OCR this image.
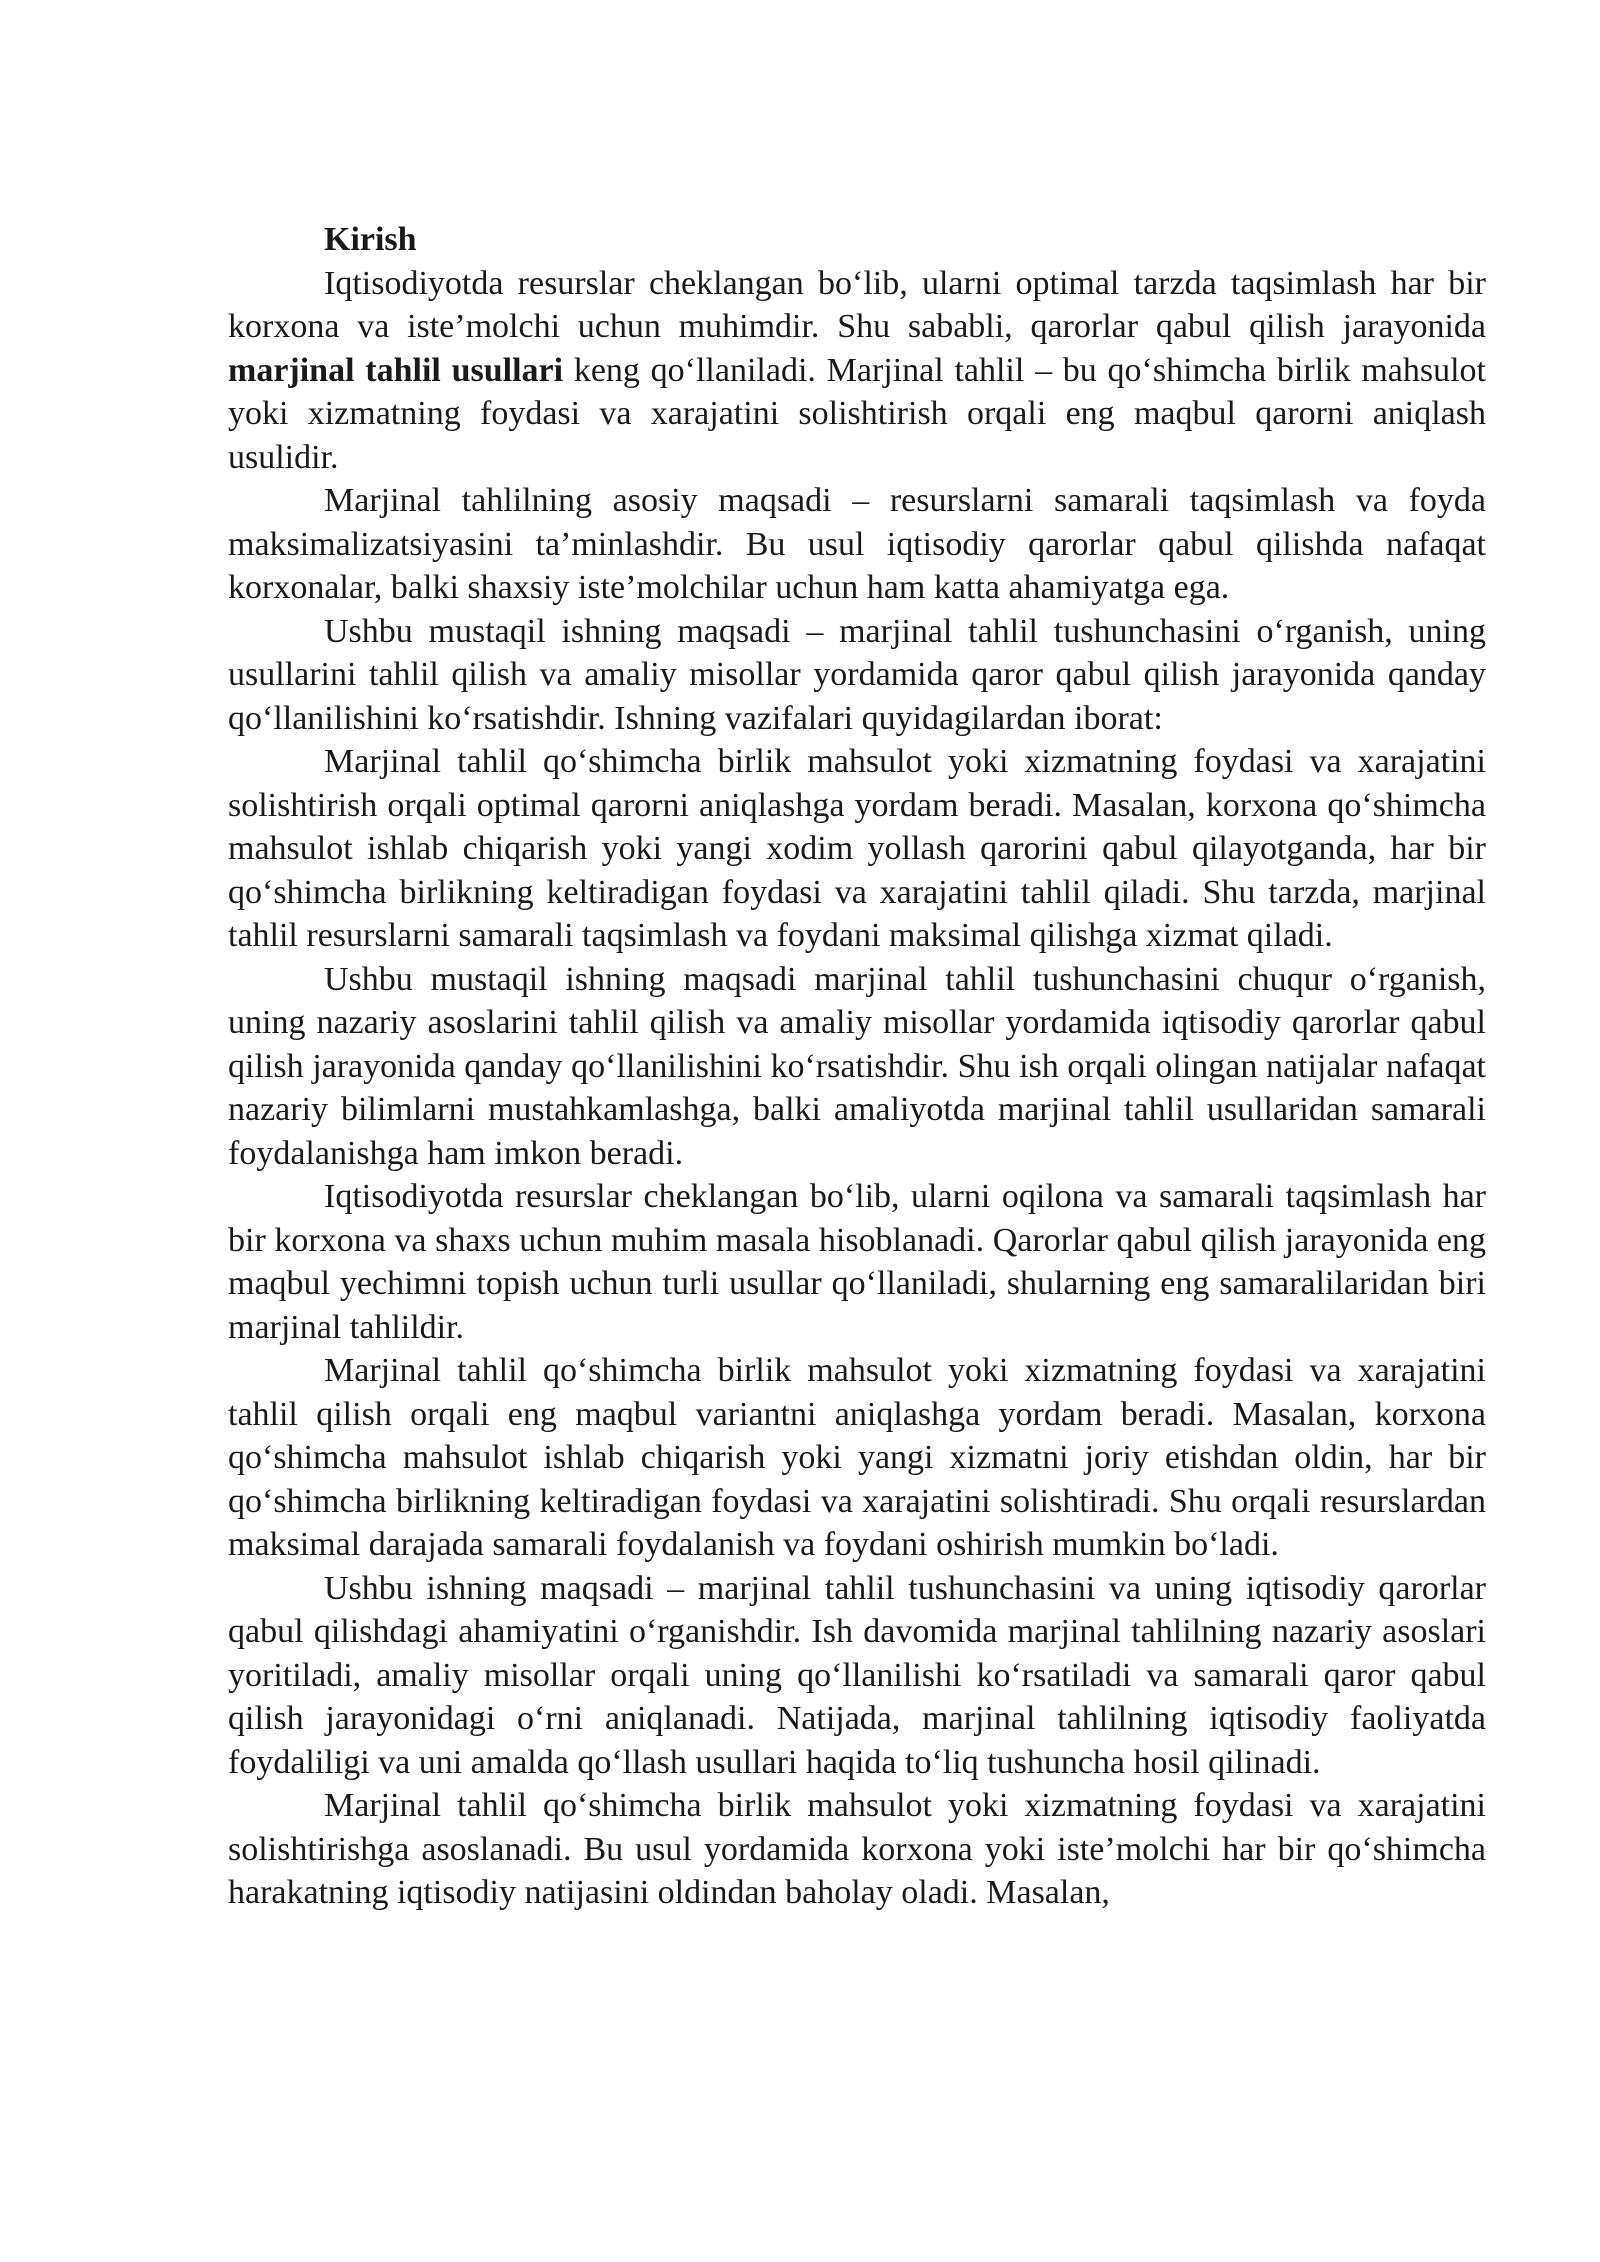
Kirish

Iqtisodiyotda resurslar cheklangan bo‘lib, ularni optimal tarzda taqsimlash har bir korxona va iste’molchi uchun muhimdir. Shu sababli, qarorlar qabul qilish jarayonida marjinal tahlil usullari keng qo‘llaniladi. Marjinal tahlil – bu qo‘shimcha birlik mahsulot yoki xizmatning foydasi va xarajatini solishtirish orqali eng maqbul qarorni aniqlash usulidir.

Marjinal tahlilning asosiy maqsadi – resurslarni samarali taqsimlash va foyda maksimalizatsiyasini ta’minlashdir. Bu usul iqtisodiy qarorlar qabul qilishda nafaqat korxonalar, balki shaxsiy iste’molchilar uchun ham katta ahamiyatga ega.

Ushbu mustaqil ishning maqsadi – marjinal tahlil tushunchasini o‘rganish, uning usullarini tahlil qilish va amaliy misollar yordamida qaror qabul qilish jarayonida qanday qo‘llanilishini ko‘rsatishdir. Ishning vazifalari quyidagilardan iborat:

Marjinal tahlil qo‘shimcha birlik mahsulot yoki xizmatning foydasi va xarajatini solishtirish orqali optimal qarorni aniqlashga yordam beradi. Masalan, korxona qo‘shimcha mahsulot ishlab chiqarish yoki yangi xodim yollash qarorini qabul qilayotganda, har bir qo‘shimcha birlikning keltiradigan foydasi va xarajatini tahlil qiladi. Shu tarzda, marjinal tahlil resurslarni samarali taqsimlash va foydani maksimal qilishga xizmat qiladi.

Ushbu mustaqil ishning maqsadi marjinal tahlil tushunchasini chuqur o‘rganish, uning nazariy asoslarini tahlil qilish va amaliy misollar yordamida iqtisodiy qarorlar qabul qilish jarayonida qanday qo‘llanilishini ko‘rsatishdir. Shu ish orqali olingan natijalar nafaqat nazariy bilimlarni mustahkamlashga, balki amaliyotda marjinal tahlil usullaridan samarali foydalanishga ham imkon beradi.

Iqtisodiyotda resurslar cheklangan bo‘lib, ularni oqilona va samarali taqsimlash har bir korxona va shaxs uchun muhim masala hisoblanadi. Qarorlar qabul qilish jarayonida eng maqbul yechimni topish uchun turli usullar qo‘llaniladi, shularning eng samaralilaridan biri marjinal tahlildir.

Marjinal tahlil qo‘shimcha birlik mahsulot yoki xizmatning foydasi va xarajatini tahlil qilish orqali eng maqbul variantni aniqlashga yordam beradi. Masalan, korxona qo‘shimcha mahsulot ishlab chiqarish yoki yangi xizmatni joriy etishdan oldin, har bir qo‘shimcha birlikning keltiradigan foydasi va xarajatini solishtiradi. Shu orqali resurslardan maksimal darajada samarali foydalanish va foydani oshirish mumkin bo‘ladi.

Ushbu ishning maqsadi – marjinal tahlil tushunchasini va uning iqtisodiy qarorlar qabul qilishdagi ahamiyatini o‘rganishdir. Ish davomida marjinal tahlilning nazariy asoslari yoritiladi, amaliy misollar orqali uning qo‘llanilishi ko‘rsatiladi va samarali qaror qabul qilish jarayonidagi o‘rni aniqlanadi. Natijada, marjinal tahlilning iqtisodiy faoliyatda foydaliligi va uni amalda qo‘llash usullari haqida to‘liq tushuncha hosil qilinadi.

Marjinal tahlil qo‘shimcha birlik mahsulot yoki xizmatning foydasi va xarajatini solishtirishga asoslanadi. Bu usul yordamida korxona yoki iste’molchi har bir qo‘shimcha harakatning iqtisodiy natijasini oldindan baholay oladi. Masalan,
